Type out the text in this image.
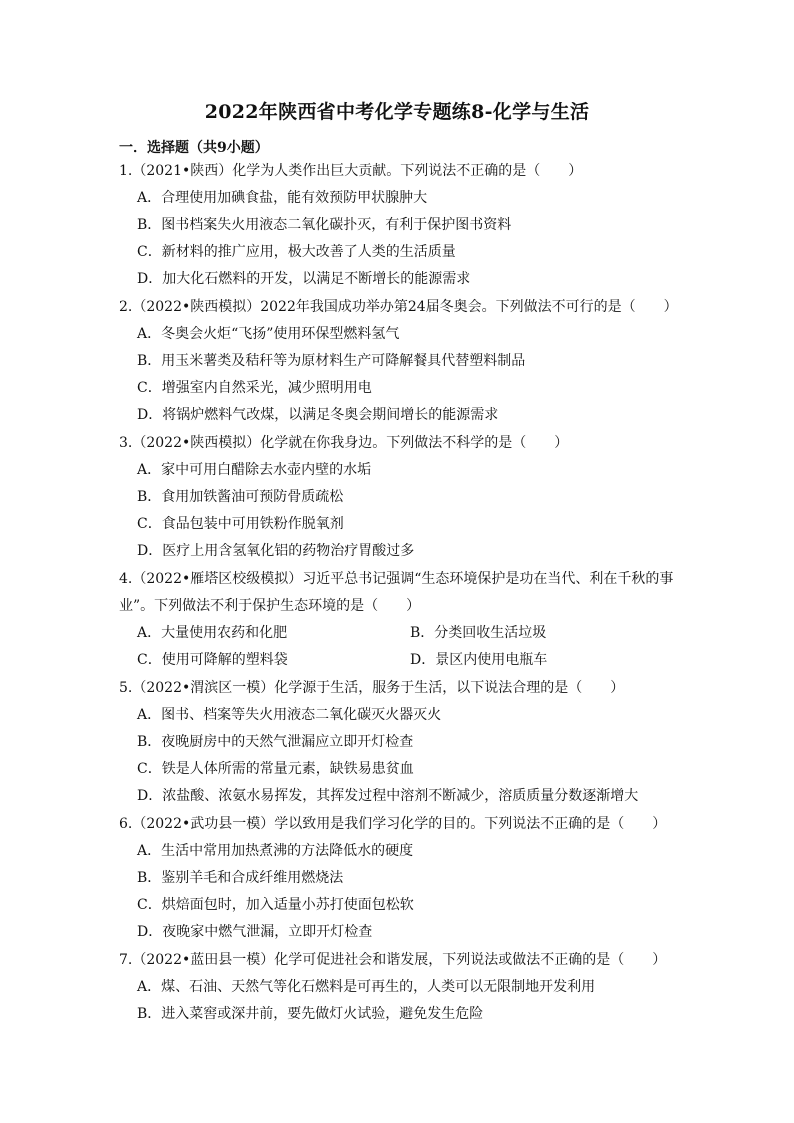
2022年陕西省中考化学专题练8-化学与生活
一．选择题（共9小题）
1.（2021•陕西）化学为人类作出巨大贡献。下列说法不正确的是（　　）
A．合理使用加碘食盐，能有效预防甲状腺肿大
B．图书档案失火用液态二氧化碳扑灭，有利于保护图书资料
C．新材料的推广应用，极大改善了人类的生活质量
D．加大化石燃料的开发，以满足不断增长的能源需求
2.（2022•陕西模拟）2022年我国成功举办第24届冬奥会。下列做法不可行的是（　　）
A．冬奥会火炬“飞扬”使用环保型燃料氢气
B．用玉米薯类及秸秆等为原材料生产可降解餐具代替塑料制品
C．增强室内自然采光，减少照明用电
D．将锅炉燃料气改煤，以满足冬奥会期间增长的能源需求
3.（2022•陕西模拟）化学就在你我身边。下列做法不科学的是（　　）
A．家中可用白醋除去水壶内壁的水垢
B．食用加铁酱油可预防骨质疏松
C．食品包装中可用铁粉作脱氧剂
D．医疗上用含氢氧化铝的药物治疗胃酸过多
4.（2022•雁塔区校级模拟）习近平总书记强调“生态环境保护是功在当代、利在千秋的事
业”。下列做法不利于保护生态环境的是（　　）
A．大量使用农药和化肥	B．分类回收生活垃圾
C．使用可降解的塑料袋	D．景区内使用电瓶车
5.（2022•渭滨区一模）化学源于生活，服务于生活，以下说法合理的是（　　）
A．图书、档案等失火用液态二氧化碳灭火器灭火
B．夜晚厨房中的天然气泄漏应立即开灯检查
C．铁是人体所需的常量元素，缺铁易患贫血
D．浓盐酸、浓氨水易挥发，其挥发过程中溶剂不断减少，溶质质量分数逐渐增大
6.（2022•武功县一模）学以致用是我们学习化学的目的。下列说法不正确的是（　　）
A．生活中常用加热煮沸的方法降低水的硬度
B．鉴别羊毛和合成纤维用燃烧法
C．烘焙面包时，加入适量小苏打使面包松软
D．夜晚家中燃气泄漏，立即开灯检查
7.（2022•蓝田县一模）化学可促进社会和谐发展，下列说法或做法不正确的是（　　）
A．煤、石油、天然气等化石燃料是可再生的，人类可以无限制地开发利用
B．进入菜窖或深井前，要先做灯火试验，避免发生危险
